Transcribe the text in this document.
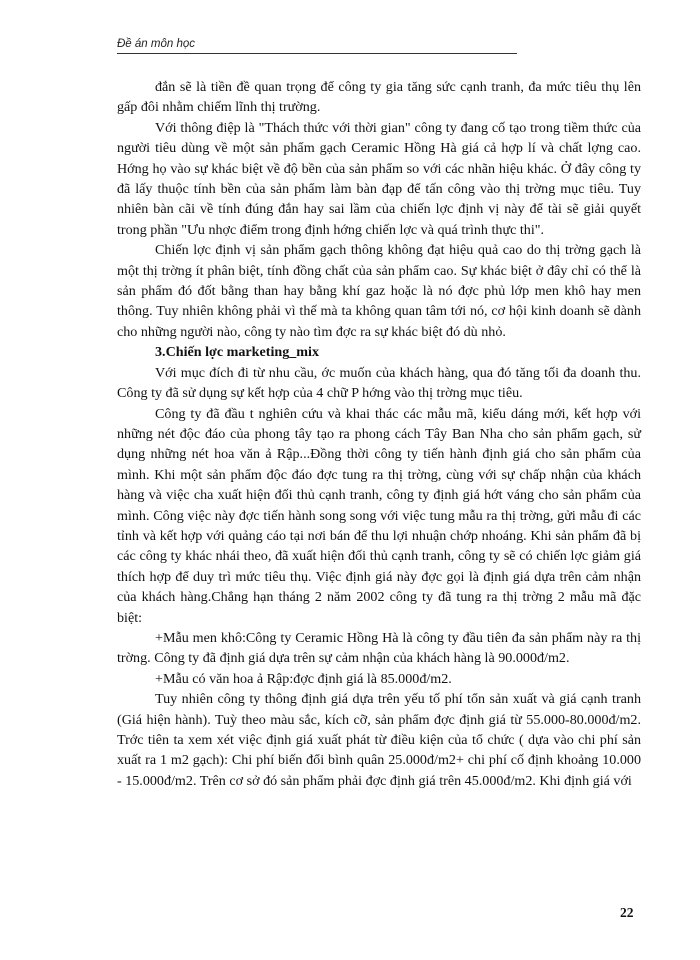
Đề án môn học

đắn sẽ là tiền đề quan trọng để công ty gia tăng sức cạnh tranh, đa mức tiêu thụ lên gấp đôi nhằm chiếm lĩnh thị trường.

Với thông điệp là "Thách thức với thời gian" công ty đang cố tạo trong tiềm thức của người tiêu dùng về một sản phẩm gạch Ceramic Hồng Hà giá cả hợp lí và chất lợng cao. Hớng họ vào sự khác biệt về độ bền của sản phẩm so với các nhãn hiệu khác. Ở đây công ty đã lấy thuộc tính bền của sản phẩm làm bàn đạp để tấn công vào thị trờng mục tiêu. Tuy nhiên bàn cãi về tính đúng đắn hay sai lầm của chiến lợc định vị này để tài sẽ giải quyết trong phần "Ưu nhợc điểm trong định hớng chiến lợc và quá trình thực thi".

Chiến lợc định vị sản phẩm gạch thông không đạt hiệu quả cao do thị trờng gạch là một thị trờng ít phân biệt, tính đồng chất của sản phẩm cao. Sự khác biệt ở đây chỉ có thể là sản phẩm đó đốt bằng than hay bằng khí gaz hoặc là nó đợc phủ lớp men khô hay men thông. Tuy nhiên không phải vì thế mà ta không quan tâm tới nó, cơ hội kinh doanh sẽ dành cho những người nào, công ty nào tìm đợc ra sự khác biệt đó dù nhỏ.

3.Chiến lợc marketing_mix

Với mục đích đi từ nhu cầu, ớc muốn của khách hàng, qua đó tăng tối đa doanh thu. Công ty đã sử dụng sự kết hợp của 4 chữ P hớng vào thị trờng mục tiêu.

Công ty đã đầu t nghiên cứu và khai thác các mẫu mã, kiểu dáng mới, kết hợp với những nét độc đáo của phong tây tạo ra phong cách Tây Ban Nha cho sản phẩm gạch, sử dụng những nét hoa văn ả Rập...Đồng thời công ty tiến hành định giá cho sản phẩm của mình. Khi một sản phẩm độc đáo đợc tung ra thị trờng, cùng với sự chấp nhận của khách hàng và việc cha xuất hiện đối thủ cạnh tranh, công ty định giá hớt váng cho sản phẩm của mình. Công việc này đợc tiến hành song song với việc tung mẫu ra thị trờng, gửi mẫu đi các tỉnh và kết hợp với quảng cáo tại nơi bán để thu lợi nhuận chớp nhoáng. Khi sản phẩm đã bị các công ty khác nhái theo, đã xuất hiện đối thủ cạnh tranh, công ty sẽ có chiến lợc giảm giá thích hợp để duy trì mức tiêu thụ. Việc định giá này đợc gọi là định giá dựa trên cảm nhận của khách hàng.Chẳng hạn tháng 2 năm 2002 công ty đã tung ra thị trờng 2 mẫu mã đặc biệt:

+Mẫu men khô:Công ty Ceramic Hồng Hà là công ty đầu tiên đa sản phẩm này ra thị trờng. Công ty đã định giá dựa trên sự cảm nhận của khách hàng là 90.000đ/m2.

+Mẫu có văn hoa ả Rập:đợc định giá là 85.000đ/m2.

Tuy nhiên công ty thông định giá dựa trên yếu tố phí tổn sản xuất và giá cạnh tranh (Giá hiện hành). Tuỳ theo màu sắc, kích cỡ, sản phẩm đợc định giá từ 55.000-80.000đ/m2. Trớc tiên ta xem xét việc định giá xuất phát từ điều kiện của tổ chức ( dựa vào chi phí sản xuất ra 1 m2 gạch): Chi phí biến đổi bình quân 25.000đ/m2+ chi phí cố định khoảng 10.000 - 15.000đ/m2. Trên cơ sở đó sản phẩm phải đợc định giá trên 45.000đ/m2. Khi định giá với

22
